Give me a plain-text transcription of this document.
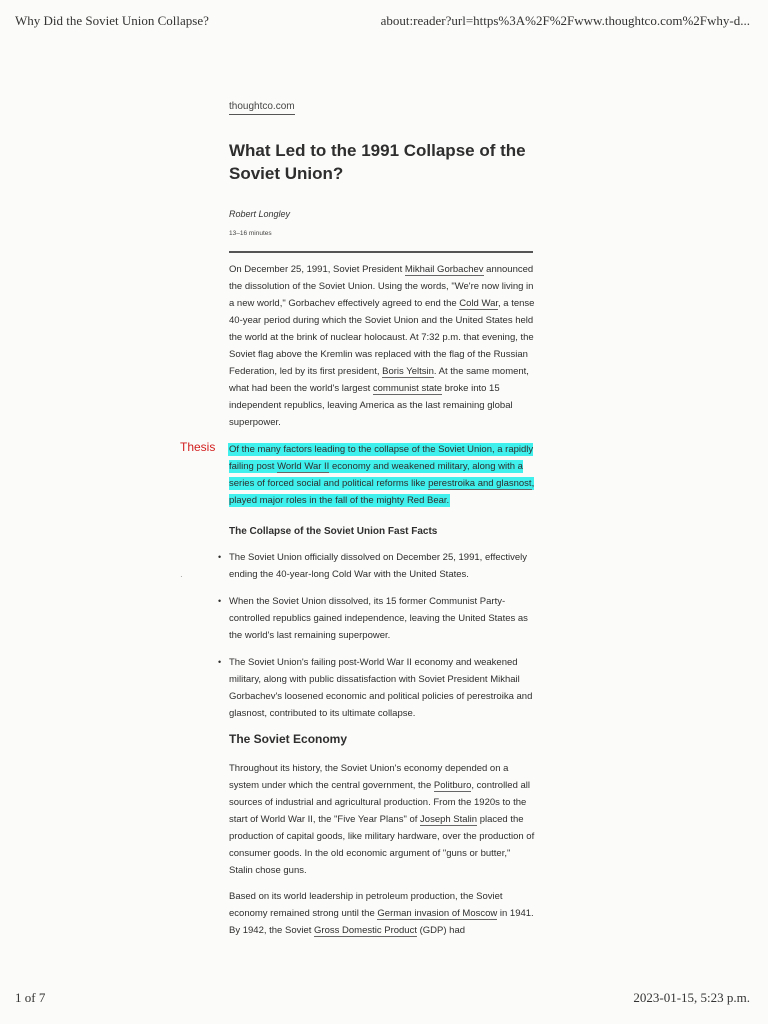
Why Did the Soviet Union Collapse?	about:reader?url=https%3A%2F%2Fwww.thoughtco.com%2Fwhy-d...
·
thoughtco.com
What Led to the 1991 Collapse of the Soviet Union?
Robert Longley
13–16 minutes

On December 25, 1991, Soviet President Mikhail Gorbachev announced the dissolution of the Soviet Union. Using the words, "We're now living in a new world," Gorbachev effectively agreed to end the Cold War, a tense 40-year period during which the Soviet Union and the United States held the world at the brink of nuclear holocaust. At 7:32 p.m. that evening, the Soviet flag above the Kremlin was replaced with the flag of the Russian Federation, led by its first president, Boris Yeltsin. At the same moment, what had been the world's largest communist state broke into 15 independent republics, leaving America as the last remaining global superpower.

Thesis Of the many factors leading to the collapse of the Soviet Union, a rapidly failing post World War II economy and weakened military, along with a series of forced social and political reforms like perestroika and glasnost, played major roles in the fall of the mighty Red Bear.

The Collapse of the Soviet Union Fast Facts
• The Soviet Union officially dissolved on December 25, 1991, effectively ending the 40-year-long Cold War with the United States.
• When the Soviet Union dissolved, its 15 former Communist Party-controlled republics gained independence, leaving the United States as the world's last remaining superpower.
• The Soviet Union's failing post-World War II economy and weakened military, along with public dissatisfaction with Soviet President Mikhail Gorbachev's loosened economic and political policies of perestroika and glasnost, contributed to its ultimate collapse.
The Soviet Economy

Throughout its history, the Soviet Union's economy depended on a system under which the central government, the Politburo, controlled all sources of industrial and agricultural production. From the 1920s to the start of World War II, the "Five Year Plans" of Joseph Stalin placed the production of capital goods, like military hardware, over the production of consumer goods. In the old economic argument of "guns or butter," Stalin chose guns.

Based on its world leadership in petroleum production, the Soviet economy remained strong until the German invasion of Moscow in 1941. By 1942, the Soviet Gross Domestic Product (GDP) had

1 of 7	2023-01-15, 5:23 p.m.
